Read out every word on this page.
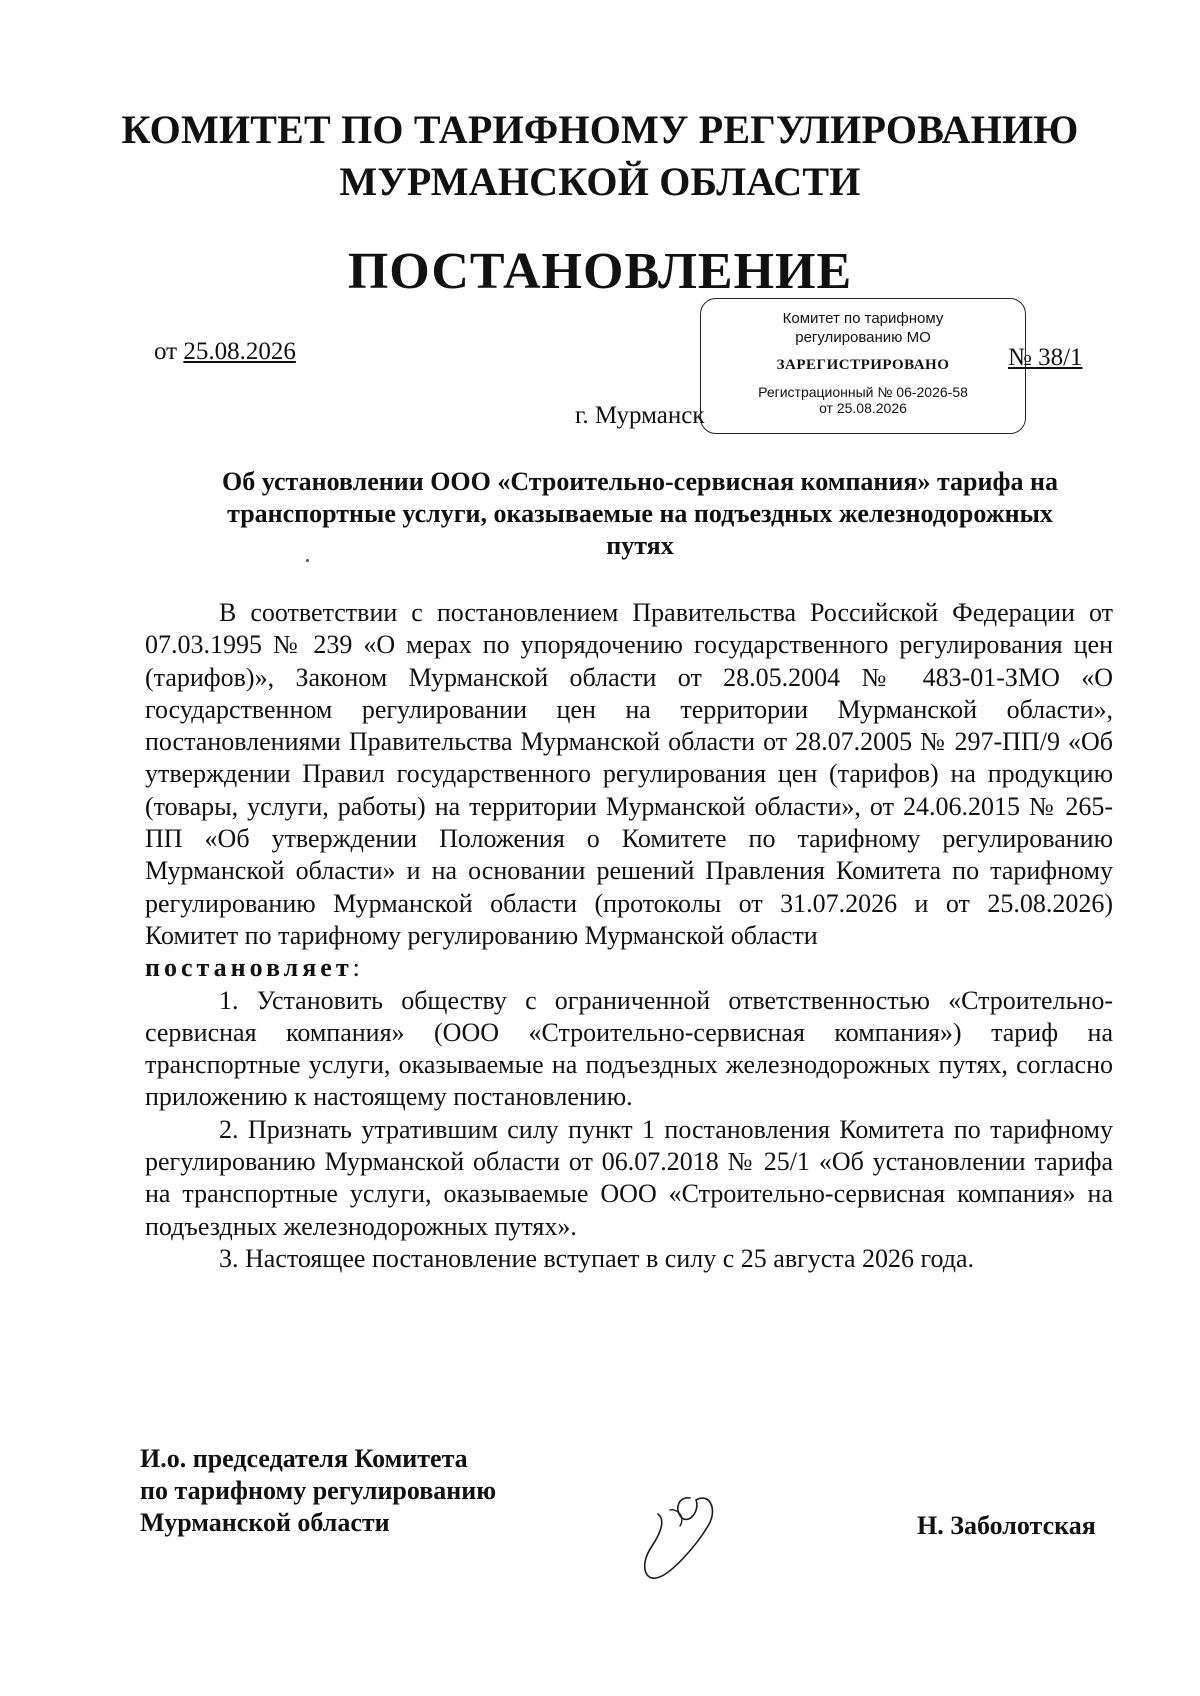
КОМИТЕТ ПО ТАРИФНОМУ РЕГУЛИРОВАНИЮ
МУРМАНСКОЙ ОБЛАСТИ
ПОСТАНОВЛЕНИЕ
от 25.08.2026	№ 38/1
г. Мурманск
Комитет по тарифному
регулированию МО
ЗАРЕГИСТРИРОВАНО
Регистрационный № 06-2026-58
от 25.08.2026
Об установлении ООО «Строительно-сервисная компания» тарифа на
транспортные услуги, оказываемые на подъездных железнодорожных
путях

В соответствии с постановлением Правительства Российской Федерации от 07.03.1995 № 239 «О мерах по упорядочению государственного регулирования цен (тарифов)», Законом Мурманской области от 28.05.2004 № 483-01-ЗМО «О государственном регулировании цен на территории Мурманской области», постановлениями Правительства Мурманской области от 28.07.2005 № 297-ПП/9 «Об утверждении Правил государственного регулирования цен (тарифов) на продукцию (товары, услуги, работы) на территории Мурманской области», от 24.06.2015 № 265-ПП «Об утверждении Положения о Комитете по тарифному регулированию Мурманской области» и на основании решений Правления Комитета по тарифному регулированию Мурманской области (протоколы от 31.07.2026 и от 25.08.2026) Комитет по тарифному регулированию Мурманской области

постановляет:

1. Установить обществу с ограниченной ответственностью «Строительно-сервисная компания» (ООО «Строительно-сервисная компания») тариф на транспортные услуги, оказываемые на подъездных железнодорожных путях, согласно приложению к настоящему постановлению.

2. Признать утратившим силу пункт 1 постановления Комитета по тарифному регулированию Мурманской области от 06.07.2018 № 25/1 «Об установлении тарифа на транспортные услуги, оказываемые ООО «Строительно-сервисная компания» на подъездных железнодорожных путях».

3. Настоящее постановление вступает в силу с 25 августа 2026 года.

И.о. председателя Комитета
по тарифному регулированию
Мурманской области	Н. Заболотская
